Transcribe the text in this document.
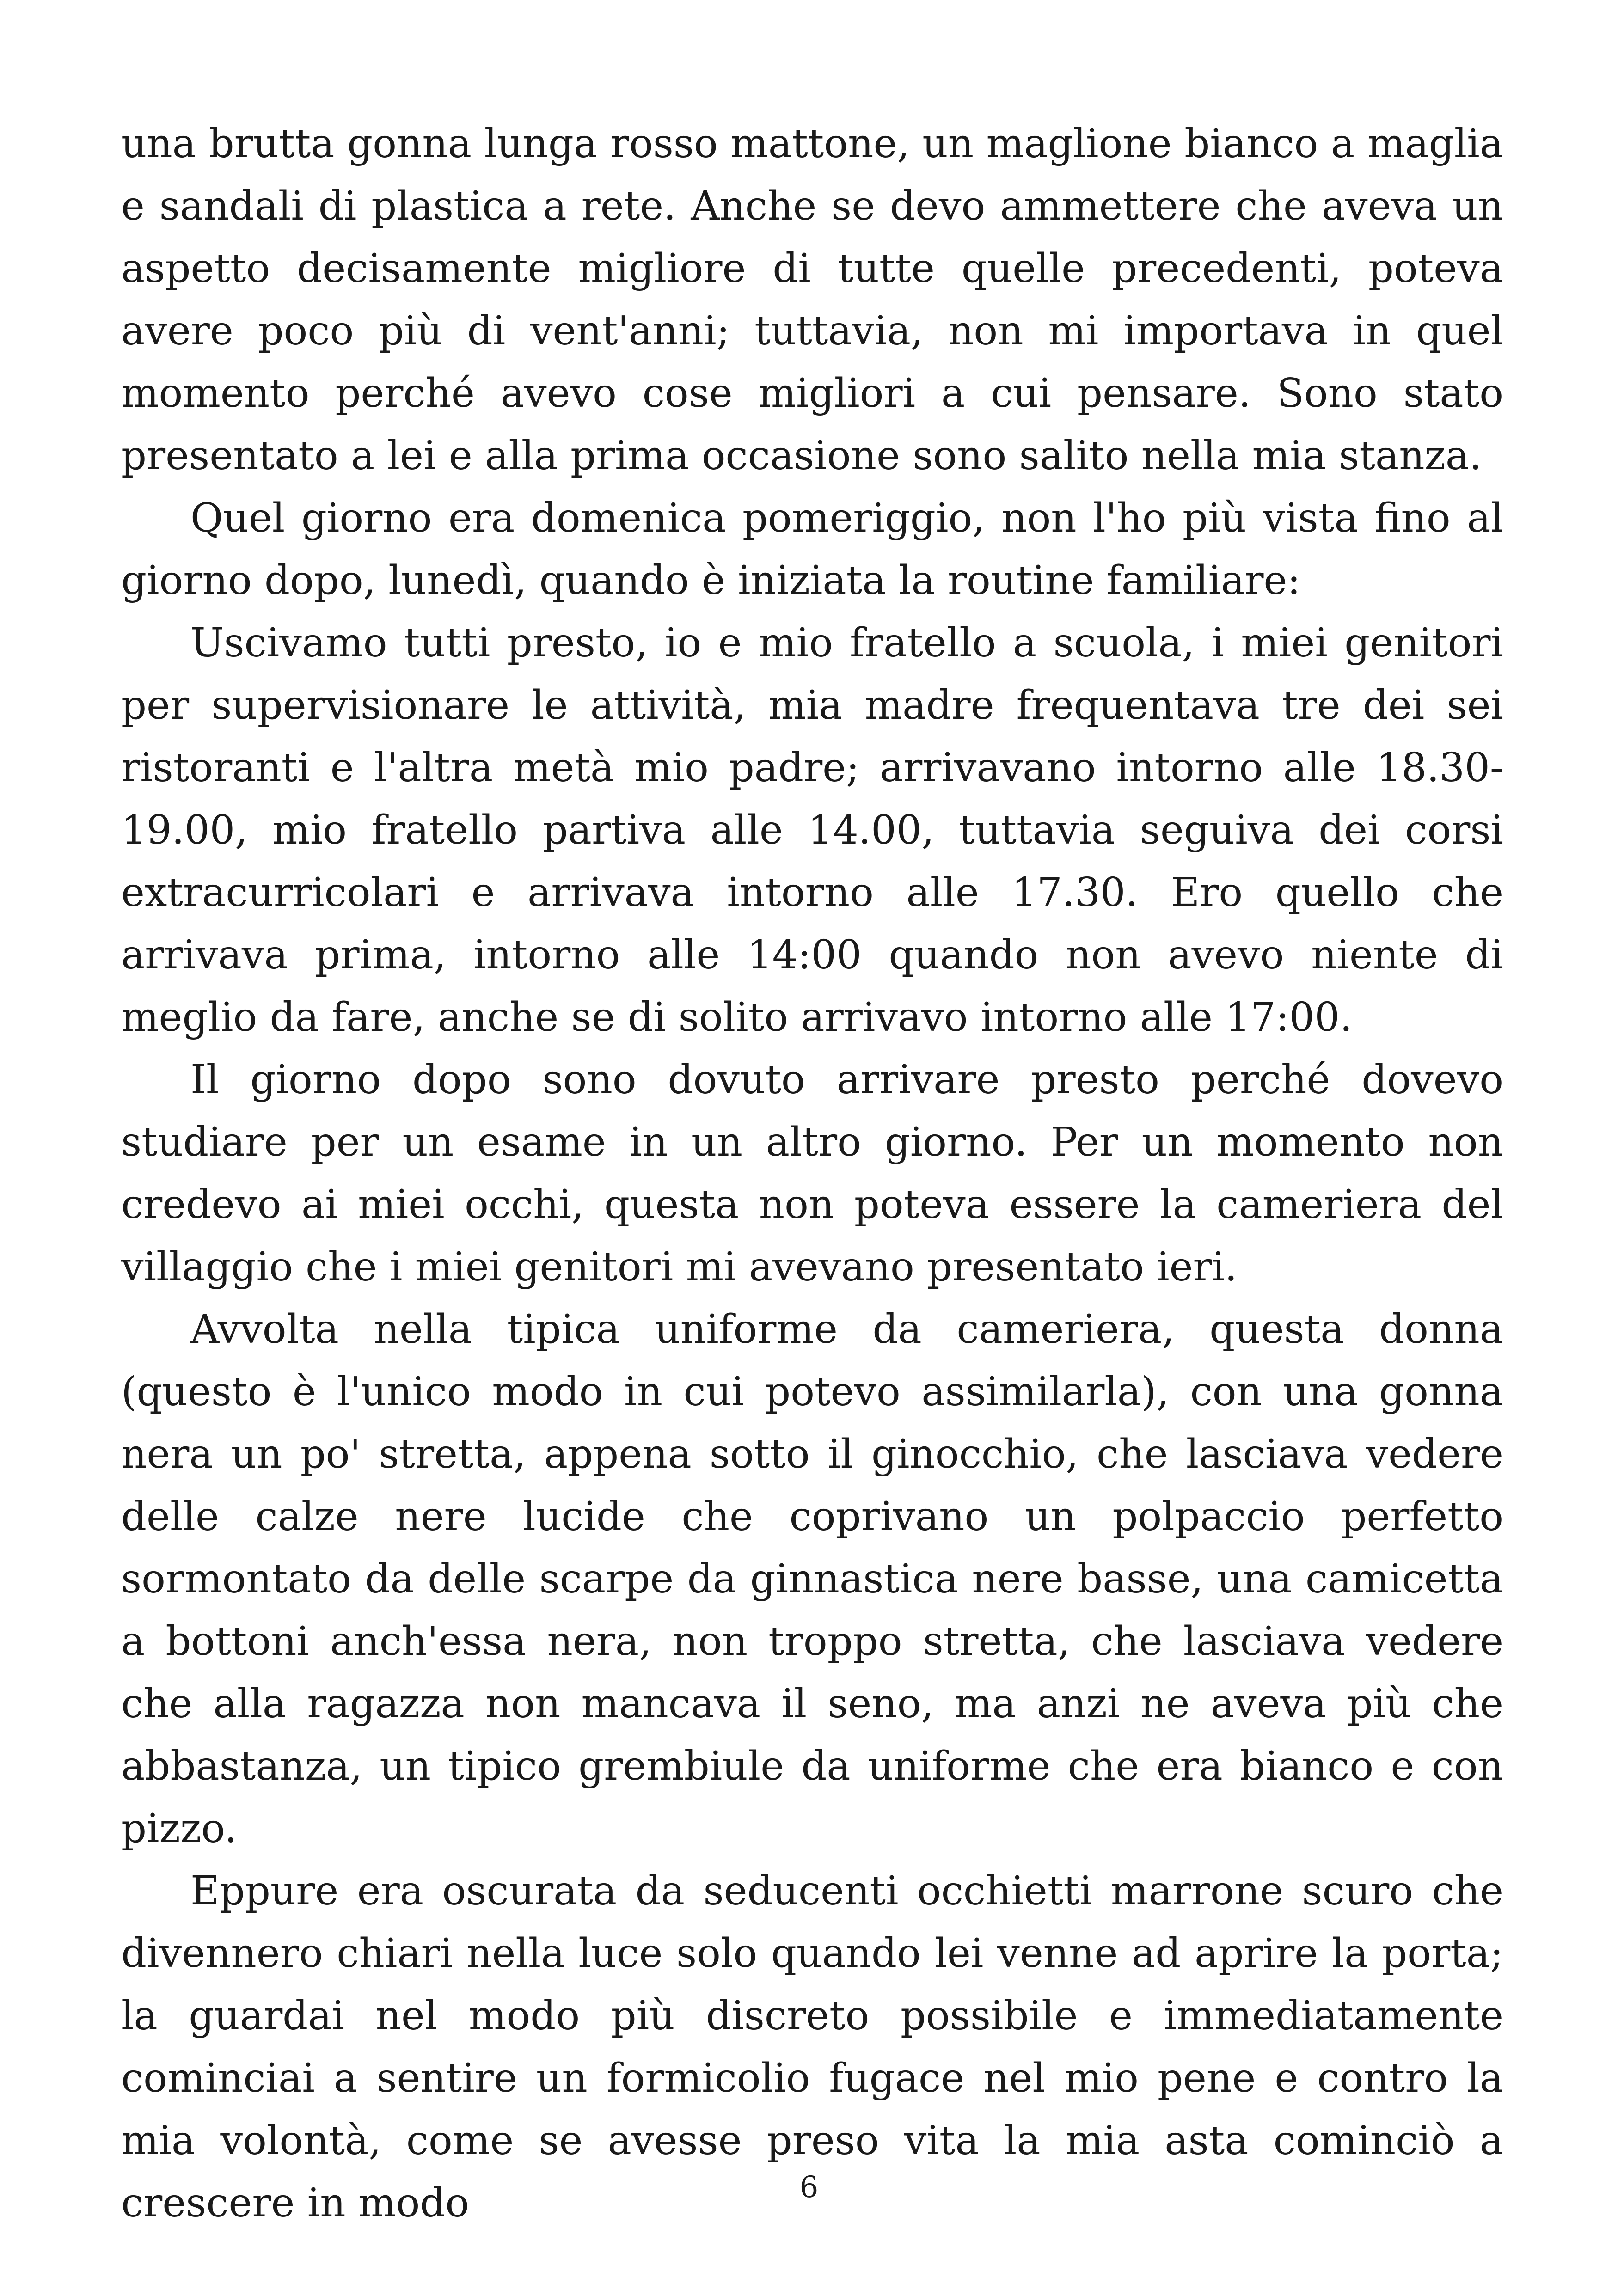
una brutta gonna lunga rosso mattone, un maglione bianco a maglia e sandali di plastica a rete. Anche se devo ammettere che aveva un aspetto decisamente migliore di tutte quelle precedenti, poteva avere poco più di vent'anni; tuttavia, non mi importava in quel momento perché avevo cose migliori a cui pensare. Sono stato presentato a lei e alla prima occasione sono salito nella mia stanza.

Quel giorno era domenica pomeriggio, non l'ho più vista fino al giorno dopo, lunedì, quando è iniziata la routine familiare:

Uscivamo tutti presto, io e mio fratello a scuola, i miei genitori per supervisionare le attività, mia madre frequentava tre dei sei ristoranti e l'altra metà mio padre; arrivavano intorno alle 18.30-19.00, mio fratello partiva alle 14.00, tuttavia seguiva dei corsi extracurricolari e arrivava intorno alle 17.30. Ero quello che arrivava prima, intorno alle 14:00 quando non avevo niente di meglio da fare, anche se di solito arrivavo intorno alle 17:00.

Il giorno dopo sono dovuto arrivare presto perché dovevo studiare per un esame in un altro giorno. Per un momento non credevo ai miei occhi, questa non poteva essere la cameriera del villaggio che i miei genitori mi avevano presentato ieri.

Avvolta nella tipica uniforme da cameriera, questa donna (questo è l'unico modo in cui potevo assimilarla), con una gonna nera un po' stretta, appena sotto il ginocchio, che lasciava vedere delle calze nere lucide che coprivano un polpaccio perfetto sormontato da delle scarpe da ginnastica nere basse, una camicetta a bottoni anch'essa nera, non troppo stretta, che lasciava vedere che alla ragazza non mancava il seno, ma anzi ne aveva più che abbastanza, un tipico grembiule da uniforme che era bianco e con pizzo.

Eppure era oscurata da seducenti occhietti marrone scuro che divennero chiari nella luce solo quando lei venne ad aprire la porta; la guardai nel modo più discreto possibile e immediatamente cominciai a sentire un formicolio fugace nel mio pene e contro la mia volontà, come se avesse preso vita la mia asta cominciò a crescere in modo	6
